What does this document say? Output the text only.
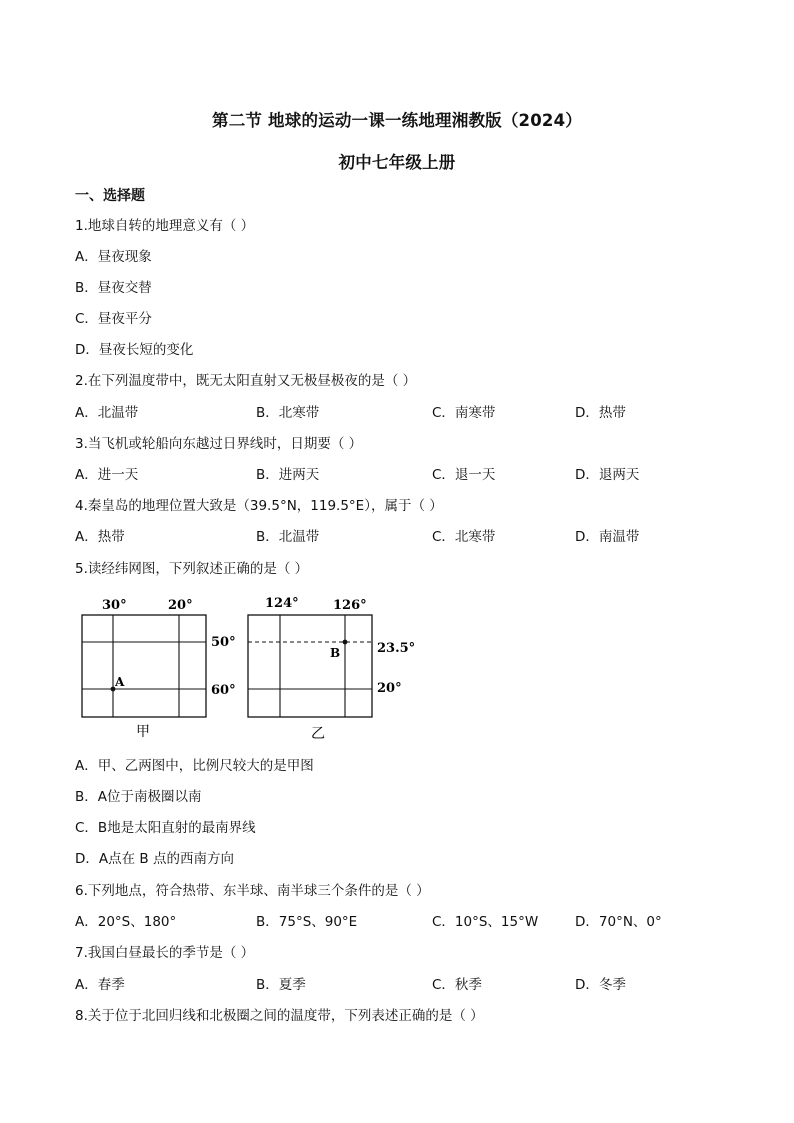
第二节 地球的运动一课一练地理湘教版（2024）
初中七年级上册
一、选择题
1.地球自转的地理意义有（ ）
A．昼夜现象
B．昼夜交替
C．昼夜平分
D．昼夜长短的变化
2.在下列温度带中，既无太阳直射又无极昼极夜的是（ ）
A．北温带	B．北寒带	C．南寒带	D．热带
3.当飞机或轮船向东越过日界线时，日期要（ ）
A．进一天	B．进两天	C．退一天	D．退两天
4.秦皇岛的地理位置大致是（39.5°N，119.5°E），属于（ ）
A．热带	B．北温带	C．北寒带	D．南温带
5.读经纬网图，下列叙述正确的是（ ）
30°	20°
50°
60°
A
甲
124°	126°
23.5°
20°
B
乙
A．甲、乙两图中，比例尺较大的是甲图
B．A位于南极圈以南
C．B地是太阳直射的最南界线
D．A点在 B 点的西南方向
6.下列地点，符合热带、东半球、南半球三个条件的是（ ）
A．20°S、180°	B．75°S、90°E	C．10°S、15°W	D．70°N、0°
7.我国白昼最长的季节是（ ）
A．春季	B．夏季	C．秋季	D．冬季
8.关于位于北回归线和北极圈之间的温度带，下列表述正确的是（ ）
